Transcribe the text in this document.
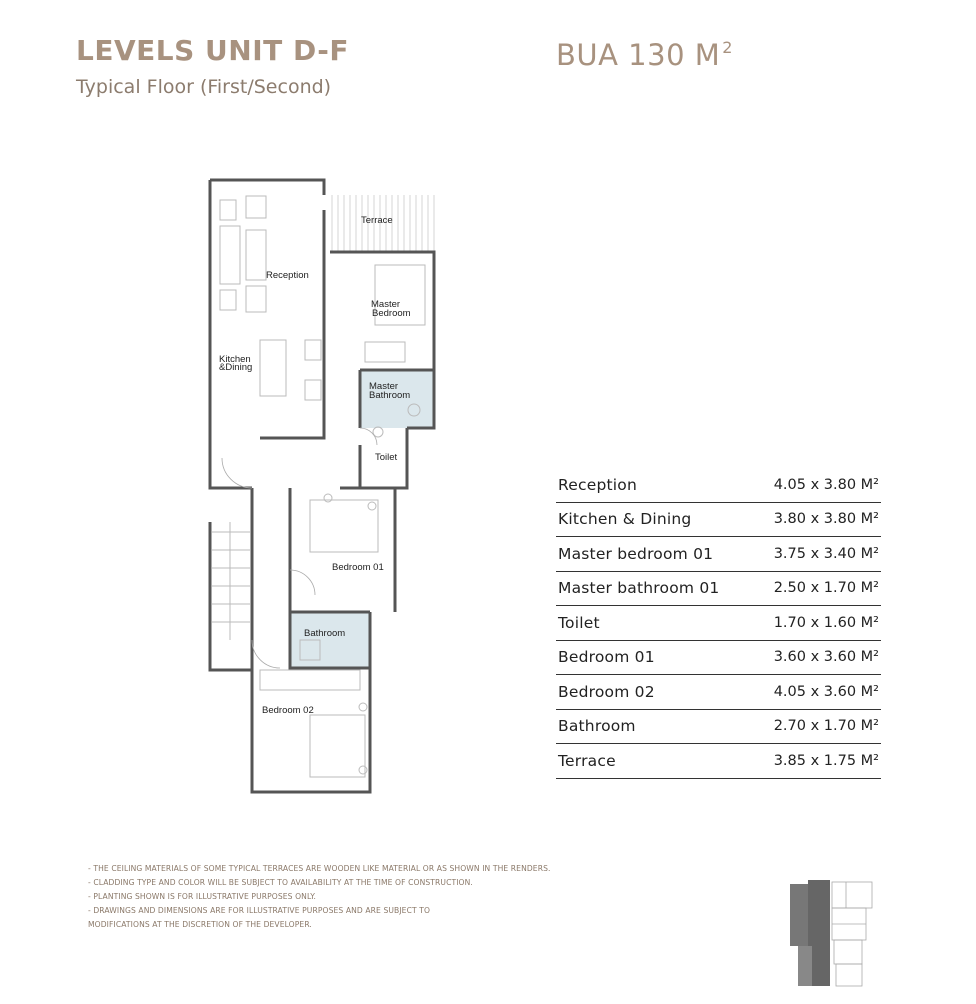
LEVELS UNIT D-F
Typical Floor (First/Second)
BUA 130 M $^2$
Terrace
Reception
Master
Bedroom
Kitchen
&Dining
Master
Bathroom
Toilet
Bedroom 01
Bathroom
Bedroom 02
Reception	4.05 x 3.80 M²
Kitchen & Dining	3.80 x 3.80 M²
Master bedroom 01	3.75 x 3.40 M²
Master bathroom 01	2.50 x 1.70 M²
Toilet	1.70 x 1.60 M²
Bedroom 01	3.60 x 3.60 M²
Bedroom 02	4.05 x 3.60 M²
Bathroom	2.70 x 1.70 M²
Terrace	3.85 x 1.75 M²
- THE CEILING MATERIALS OF SOME TYPICAL TERRACES ARE WOODEN LIKE MATERIAL OR AS SHOWN IN THE RENDERS.
- CLADDING TYPE AND COLOR WILL BE SUBJECT TO AVAILABILITY AT THE TIME OF CONSTRUCTION.
- PLANTING SHOWN IS FOR ILLUSTRATIVE PURPOSES ONLY.
- DRAWINGS AND DIMENSIONS ARE FOR ILLUSTRATIVE PURPOSES AND ARE SUBJECT TO
MODIFICATIONS AT THE DISCRETION OF THE DEVELOPER.
